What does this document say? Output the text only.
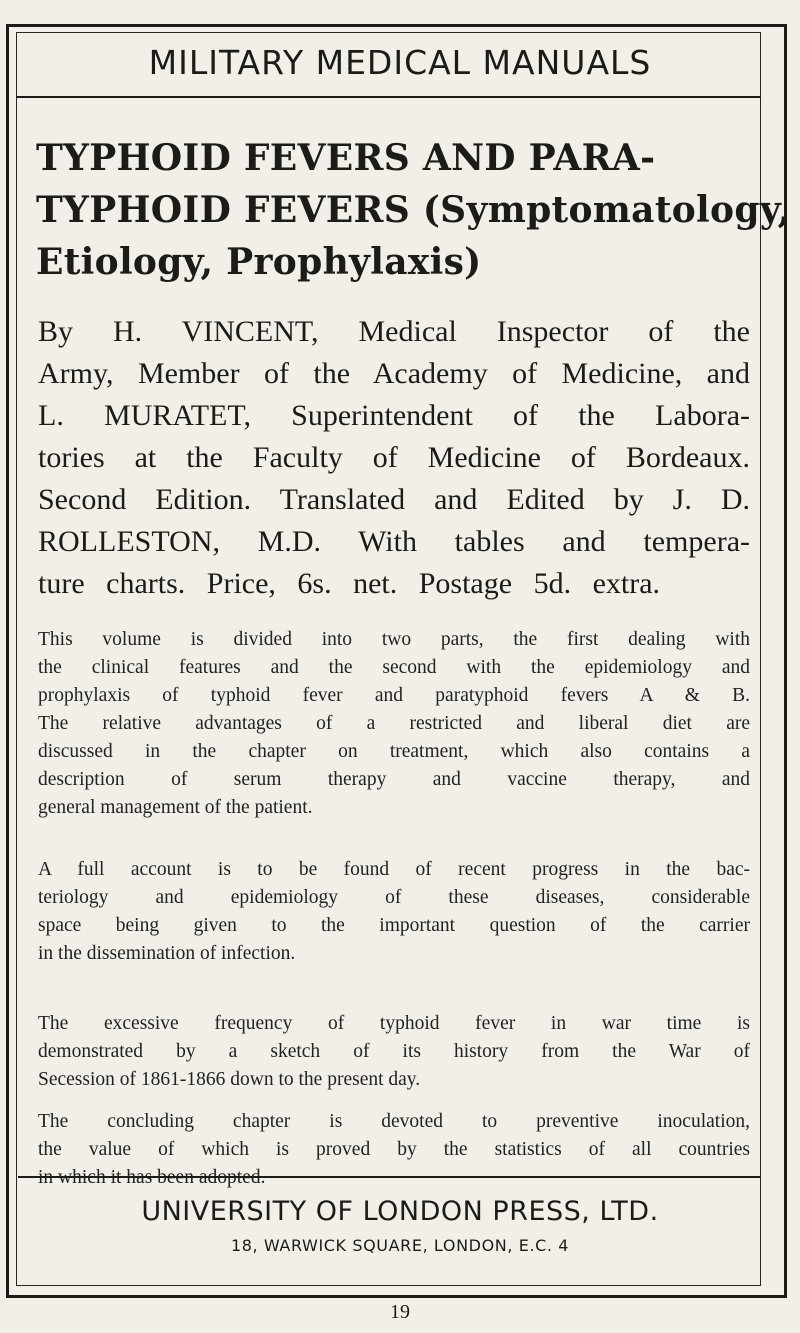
MILITARY MEDICAL MANUALS
TYPHOID FEVERS AND PARA-
TYPHOID FEVERS (Symptomatology,
Etiology, Prophylaxis)

By H. VINCENT, Medical Inspector of the
Army, Member of the Academy of Medicine, and
L. MURATET, Superintendent of the Labora-
tories at the Faculty of Medicine of Bordeaux.
Second Edition. Translated and Edited by J. D.
ROLLESTON, M.D. With tables and tempera-
ture charts. Price, 6s. net. Postage 5d. extra.

This volume is divided into two parts, the first dealing with
the clinical features and the second with the epidemiology and
prophylaxis of typhoid fever and paratyphoid fevers A & B.
The relative advantages of a restricted and liberal diet are
discussed in the chapter on treatment, which also contains a
description of serum therapy and vaccine therapy, and
general management of the patient.

A full account is to be found of recent progress in the bac-
teriology and epidemiology of these diseases, considerable
space being given to the important question of the carrier
in the dissemination of infection.

The excessive frequency of typhoid fever in war time is
demonstrated by a sketch of its history from the War of
Secession of 1861-1866 down to the present day.

The concluding chapter is devoted to preventive inoculation,
the value of which is proved by the statistics of all countries
in which it has been adopted.

UNIVERSITY OF LONDON PRESS, LTD.
18, WARWICK SQUARE, LONDON, E.C. 4
19
